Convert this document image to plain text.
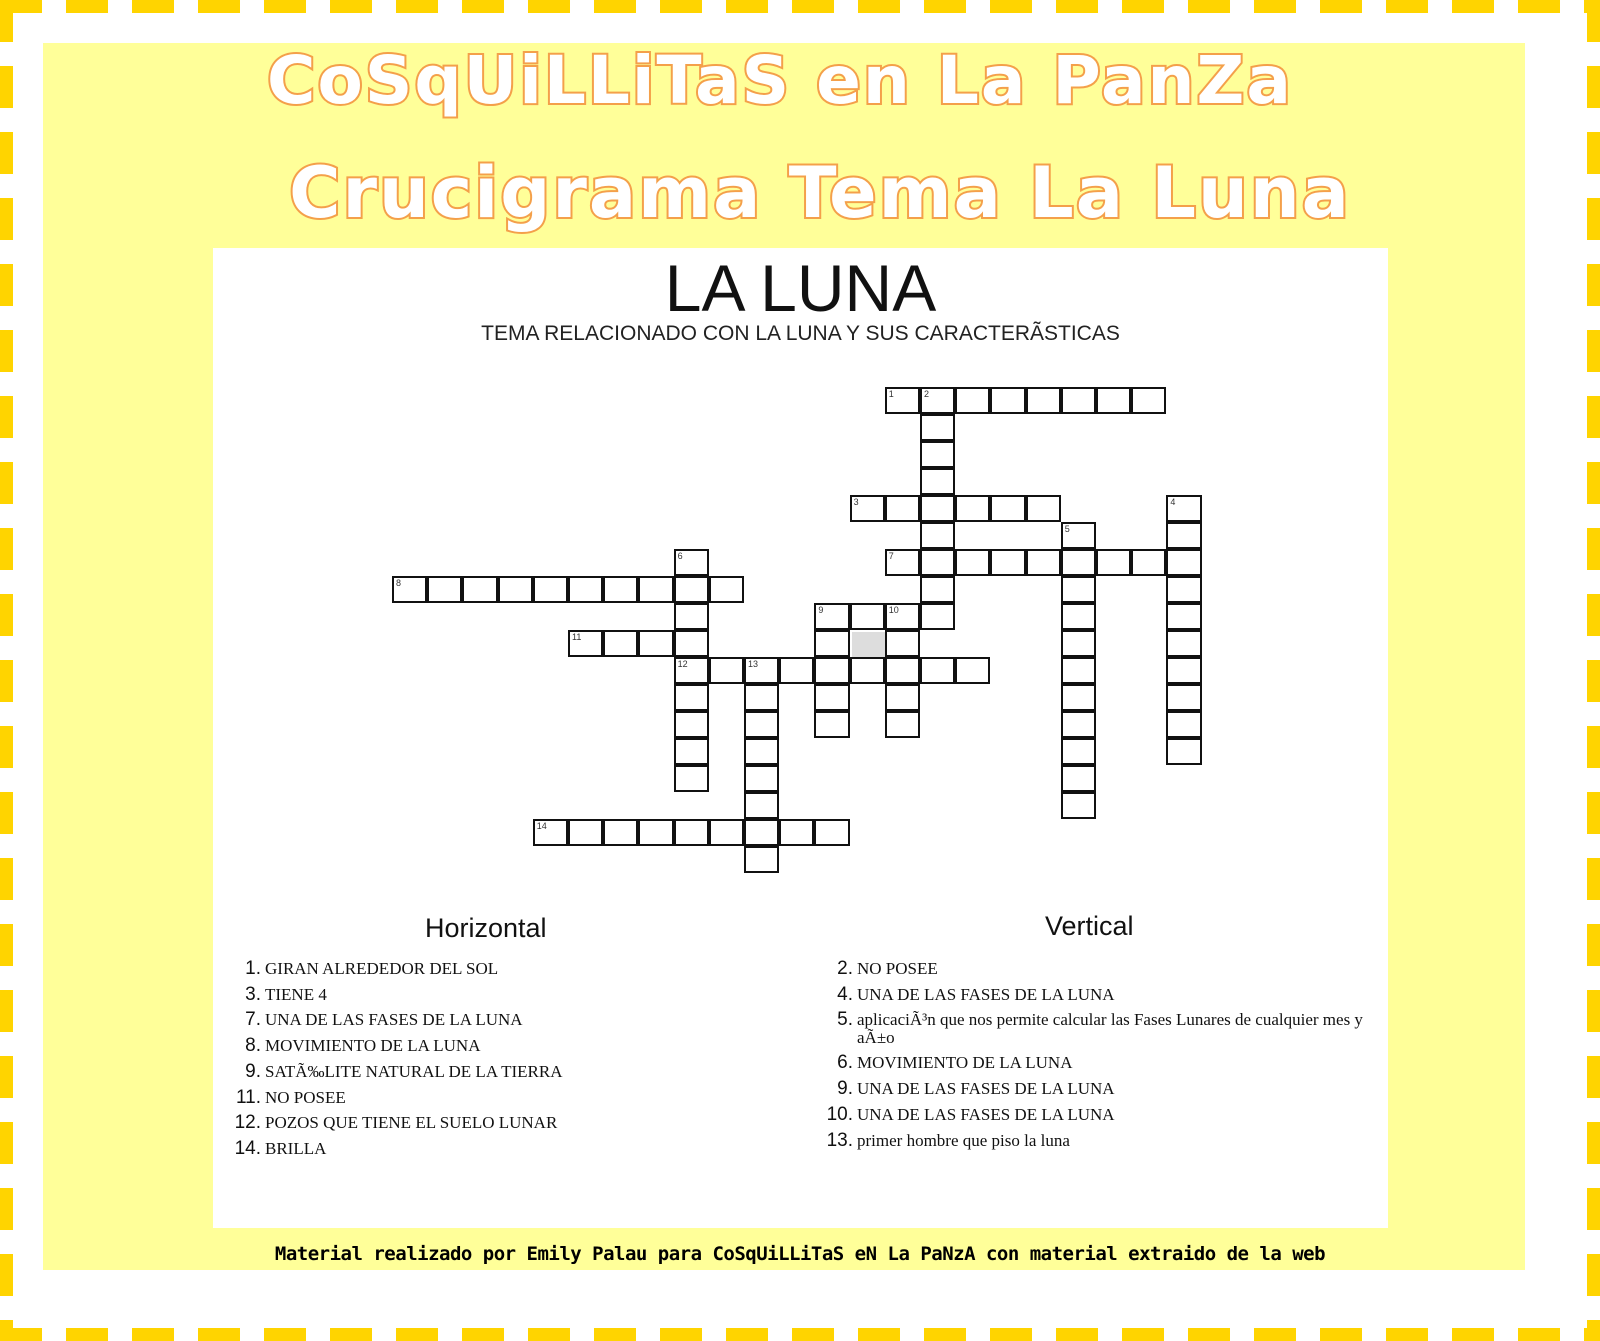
CoSqUiLLiTaS en La PanZa
Crucigrama Tema La Luna
LA LUNA
TEMA RELACIONADO CON LA LUNA Y SUS CARACTERÃSTICAS
1	2
3	4
5
6
12
7
8
9	10
11
13
14
Horizontal	Vertical
1. GIRAN ALREDEDOR DEL SOL
3. TIENE 4
7. UNA DE LAS FASES DE LA LUNA
8. MOVIMIENTO DE LA LUNA
9. SATÃ‰LITE NATURAL DE LA TIERRA
11. NO POSEE
12. POZOS QUE TIENE EL SUELO LUNAR
14.BRILLA
2. NO POSEE
4. UNA DE LAS FASES DE LA LUNA
5. aplicaciÃ³n que nos permite calcular las Fases Lunares de cualquier mes y aÃ±o
6. MOVIMIENTO DE LA LUNA
9. UNA DE LAS FASES DE LA LUNA
10. UNA DE LAS FASES DE LA LUNA
13. primer hombre que piso la luna
Material realizado por Emily Palau para CoSqUiLLiTaS eN La PaNzA con material extraido de la web
